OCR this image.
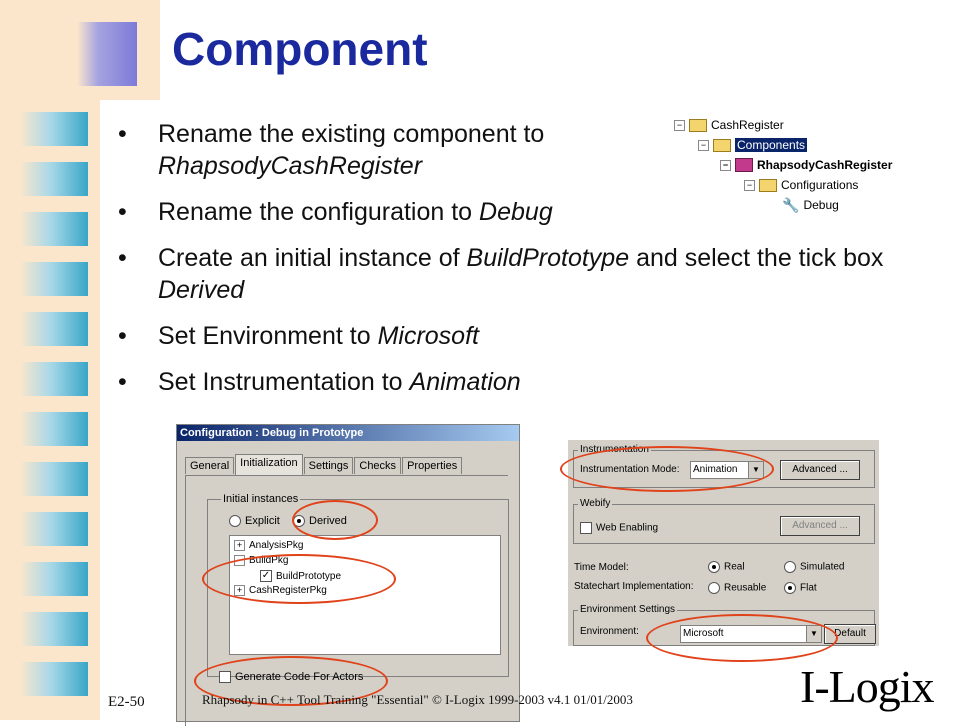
Component
• Rename the existing component to RhapsodyCashRegister
• Rename the configuration to Debug
• Create an initial instance of BuildPrototype and select the tick box Derived
• Set Environment to Microsoft
• Set Instrumentation to Animation
− CashRegister
−	Components
− RhapsodyCashRegister
− Configurations
🔧 Debug
Configuration : Debug in Prototype
General	Initialization	Settings	Checks	Properties
Initial instances
Explicit	Derived
+ AnalysisPkg
− BuildPkg
✓ BuildPrototype
+ CashRegisterPkg
Generate Code For Actors
Instrumentation
Instrumentation Mode:	Animation	▼	Advanced ...
Webify
Web Enabling	Advanced ...
Time Model:	Real	Simulated
Statechart Implementation:	Reusable	Flat
Environment Settings
Environment:	Microsoft	▼	Default
E2-50	Rhapsody in C++ Tool Training "Essential" © I-Logix 1999-2003 v4.1 01/01/2003	I-Logix
